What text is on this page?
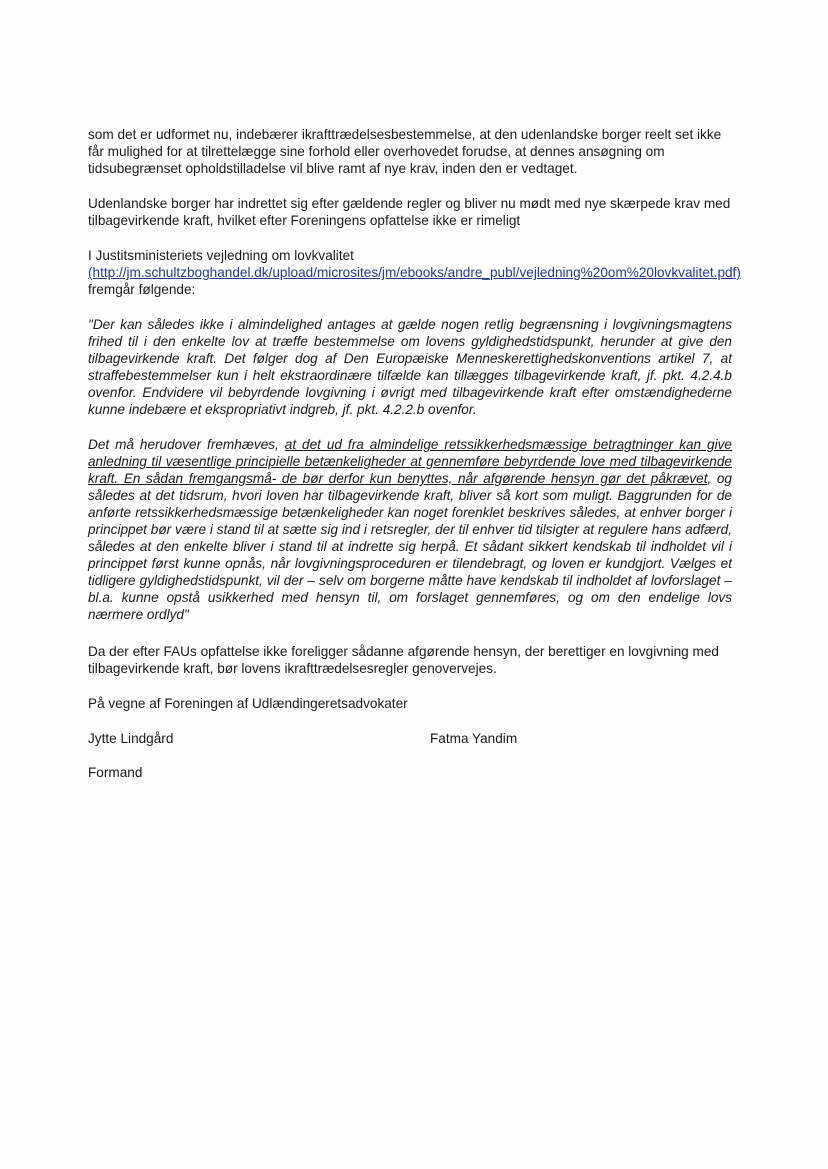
som det er udformet nu, indebærer ikrafttrædelsesbestemmelse, at den udenlandske borger reelt set ikke får mulighed for at tilrettelægge sine forhold eller overhovedet forudse, at dennes ansøgning om tidsubegrænset opholdstilladelse vil blive ramt af nye krav, inden den er vedtaget.

Udenlandske borger har indrettet sig efter gældende regler og bliver nu mødt med nye skærpede krav med tilbagevirkende kraft, hvilket efter Foreningens opfattelse ikke er rimeligt

I Justitsministeriets vejledning om lovkvalitet
(http://jm.schultzboghandel.dk/upload/microsites/jm/ebooks/andre_publ/vejledning%20om%20lovkvalitet.pdf) fremgår følgende:

"Der kan således ikke i almindelighed antages at gælde nogen retlig begrænsning i lovgivningsmagtens frihed til i den enkelte lov at træffe bestemmelse om lovens gyldighedstidspunkt, herunder at give den tilbagevirkende kraft. Det følger dog af Den Europæiske Menneskerettighedskonventions artikel 7, at straffebestemmelser kun i helt ekstraordinære tilfælde kan tillægges tilbagevirkende kraft, jf. pkt. 4.2.4.b ovenfor. Endvidere vil bebyrdende lovgivning i øvrigt med tilbagevirkende kraft efter omstændighederne kunne indebære et ekspropriativt indgreb, jf. pkt. 4.2.2.b ovenfor.

Det må herudover fremhæves, at det ud fra almindelige retssikkerhedsmæssige betragtninger kan give anledning til væsentlige principielle betænkeligheder at gennemføre bebyrdende love med tilbagevirkende kraft. En sådan fremgangsmå- de bør derfor kun benyttes, når afgørende hensyn gør det påkrævet, og således at det tidsrum, hvori loven har tilbagevirkende kraft, bliver så kort som muligt. Baggrunden for de anførte retssikkerhedsmæssige betænkeligheder kan noget forenklet beskrives således, at enhver borger i princippet bør være i stand til at sætte sig ind i retsregler, der til enhver tid tilsigter at regulere hans adfærd, således at den enkelte bliver i stand til at indrette sig herpå. Et sådant sikkert kendskab til indholdet vil i princippet først kunne opnås, når lovgivningsproceduren er tilendebragt, og loven er kundgjort. Vælges et tidligere gyldighedstidspunkt, vil der – selv om borgerne måtte have kendskab til indholdet af lovforslaget – bl.a. kunne opstå usikkerhed med hensyn til, om forslaget gennemføres, og om den endelige lovs nærmere ordlyd"

Da der efter FAUs opfattelse ikke foreligger sådanne afgørende hensyn, der berettiger en lovgivning med tilbagevirkende kraft, bør lovens ikrafttrædelsesregler genovervejes.

På vegne af Foreningen af Udlændingeretsadvokater

Jytte Lindgård	Fatma Yandim

Formand
